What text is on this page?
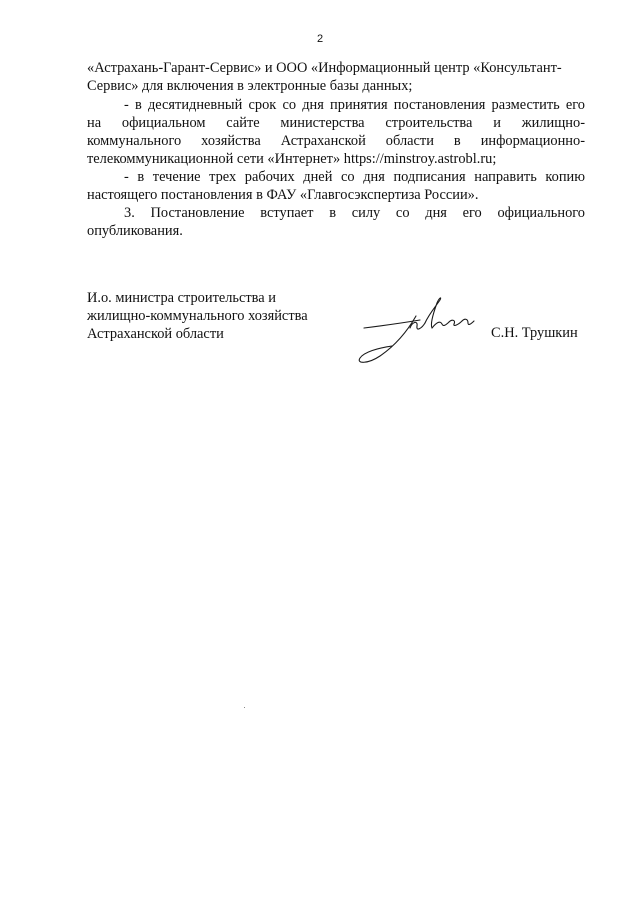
2
«Астрахань-Гарант-Сервис» и ООО «Информационный центр «Консультант-
Сервис» для включения в электронные базы данных;
- в десятидневный срок со дня принятия постановления разместить его
на официальном сайте министерства строительства и жилищно-
коммунального хозяйства Астраханской области в информационно-
телекоммуникационной сети «Интернет» https://minstroy.astrobl.ru;
- в течение трех рабочих дней со дня подписания направить копию
настоящего постановления в ФАУ «Главгосэкспертиза России».
3. Постановление вступает в силу со дня его официального
опубликования.
И.о. министра строительства и
жилищно-коммунального хозяйства
Астраханской области	С.Н. Трушкин
